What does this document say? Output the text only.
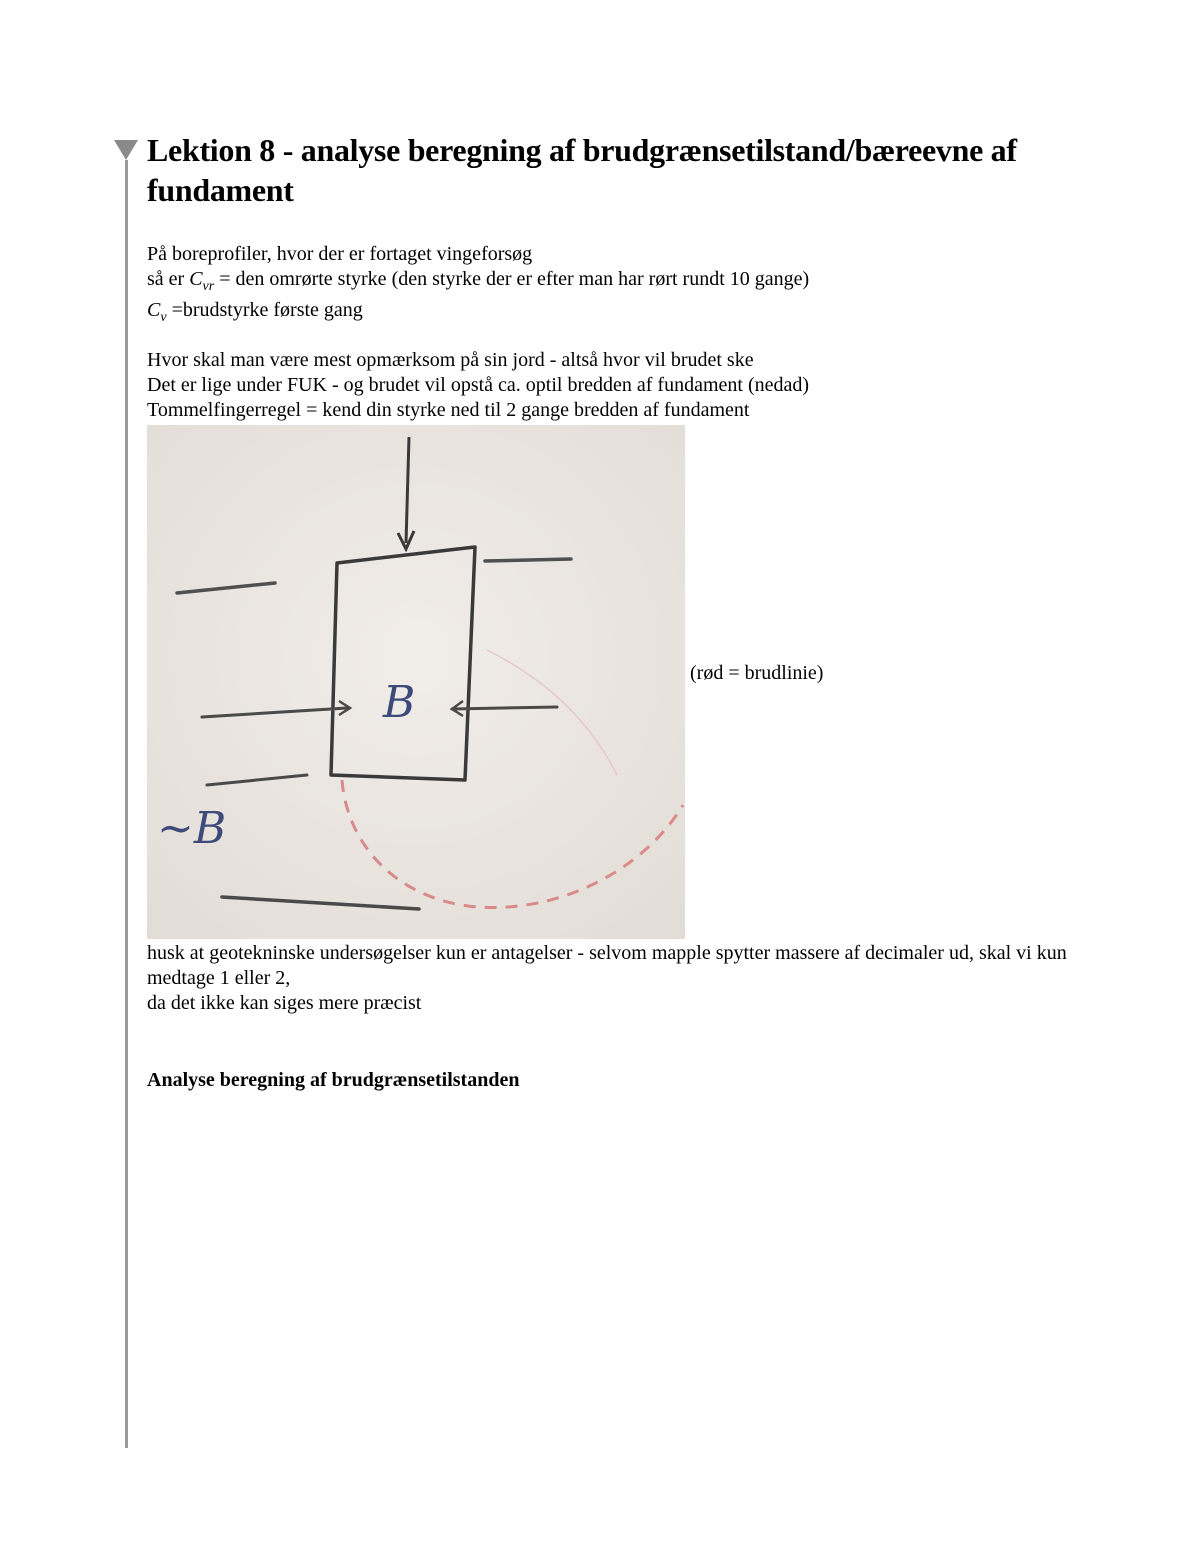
Lektion 8 - analyse beregning af brudgrænsetilstand/bæreevne af fundament
På boreprofiler, hvor der er fortaget vingeforsøg
så er $C_{vr}$ = den omrørte styrke (den styrke der er efter man har rørt rundt 10 gange)
$C_v$ =brudstyrke første gang
Hvor skal man være mest opmærksom på sin jord - altså hvor vil brudet ske
Det er lige under FUK - og brudet vil opstå ca. optil bredden af fundament (nedad)
Tommelfingerregel = kend din styrke ned til 2 gange bredden af fundament
B
~B
(rød = brudlinie)
husk at geotekninske undersøgelser kun er antagelser - selvom mapple spytter massere af decimaler ud, skal vi kun medtage 1 eller 2,
da det ikke kan siges mere præcist
Analyse beregning af brudgrænsetilstanden
